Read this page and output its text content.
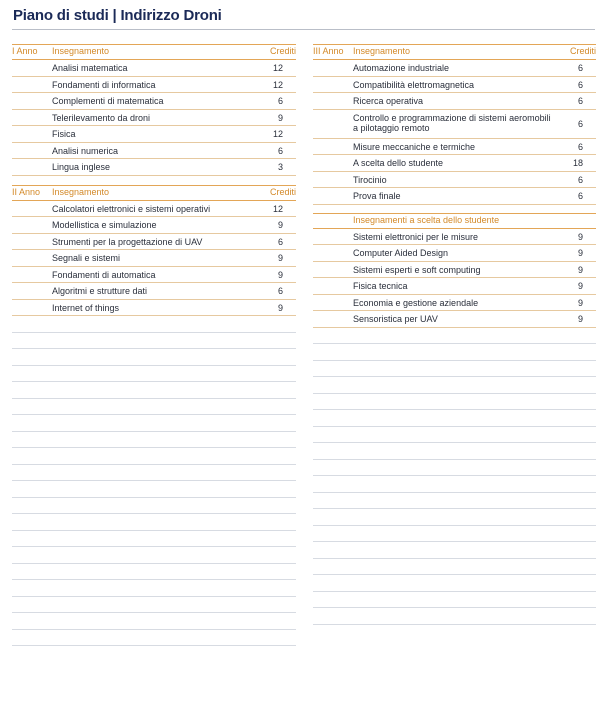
Piano di studi | Indirizzo Droni
I Anno Insegnamento	Crediti
Analisi matematica	12
Fondamenti di informatica	12
Complementi di matematica	6
Telerilevamento da droni	9
Fisica	12
Analisi numerica	6
Lingua inglese	3
II Anno Insegnamento	Crediti
Calcolatori elettronici e sistemi operativi	12
Modellistica e simulazione	9
Strumenti per la progettazione di UAV	6
Segnali e sistemi	9
Fondamenti di automatica	9
Algoritmi e strutture dati	6
Internet of things	9
III Anno Insegnamento	Crediti
Automazione industriale	6
Compatibilità elettromagnetica	6
Ricerca operativa	6
Controllo e programmazione di sistemi aeromobili a pilotaggio remoto	6
Misure meccaniche e termiche	6
A scelta dello studente	18
Tirocinio	6
Prova finale	6
Insegnamenti a scelta dello studente
Sistemi elettronici per le misure	9
Computer Aided Design	9
Sistemi esperti e soft computing	9
Fisica tecnica	9
Economia e gestione aziendale	9
Sensoristica per UAV	9
